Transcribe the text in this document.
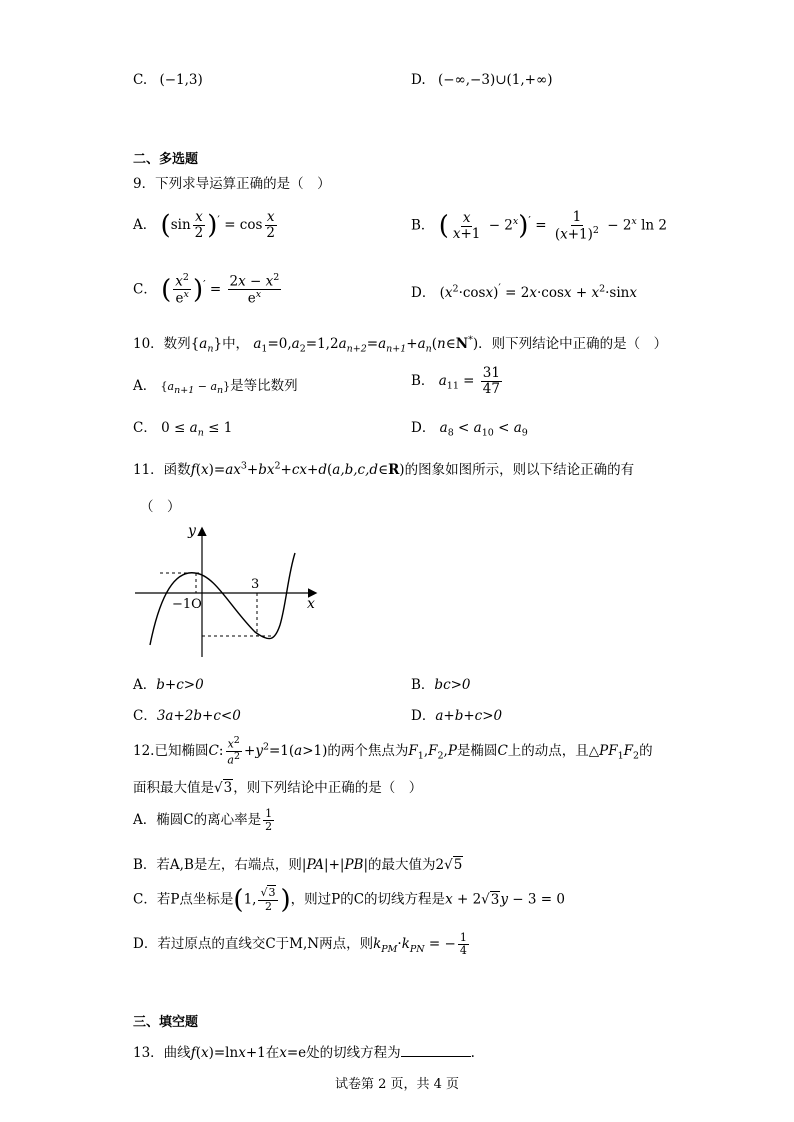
C. (−1,3)	D. (−∞,−3)∪(1,+∞)
二、多选题
9．下列求导运算正确的是（　）
A． $(\sin \frac{x}{2} )' = \cos \frac{x}{2}$	B． ( $\frac{x}{x+1} - 2^x)' = \frac{1}{(x+1)^2} - 2^x$ ln 2
C． ( $\frac{x^2}{e^x} )' = \frac{2x - x^2}{e^x}$	D． $(x^2\cdot\cos x)' = 2x\cdot\cos x + x^2\cdot\sin x$
10．数列$\{a_n\}$中， $a_1=0,a_2=1,2a_{n+2}=a_{n+1}+a_n(n\in N^*)$．则下列结论中正确的是（　）
A． $\{a_{n+1} - a_n\}$是等比数列	B． $a_{11} = \frac{31}{47}$
C． $0 \le a_n \le 1$	D． $a_8 < a_{10} < a_9$
11．函数$f(x)=ax^3+bx^2+cx+d(a,b,c,d\in R)$的图象如图所示，则以下结论正确的有
（　）
y
x
−1O
3
A．b+c>0	B．bc>0
C．3a+2b+c<0	D．a+b+c>0
12.已知椭圆C: $\frac{x^2}{a^2} +y^2=1(a>1)$的两个焦点为$F_1,F_2,P$是椭圆C上的动点，且$\triangle PF_1F_2$的
面积最大值是√3，则下列结论中正确的是（　）
A．椭圆C的离心率是 $\frac{1}{2}$
B．若A,B是左，右端点，则|PA|+|PB|的最大值为2√5
C．若P点坐标是(1, $\frac{√3}{2}$ )，则过P的C的切线方程是x + 2√3y − 3 = 0
D．若过原点的直线交C于M,N两点，则$k_{PM}\cdot k_{PN}$ = − $\frac{1}{4}$
三、填空题
13．曲线f(x)=lnx+1在x=e处的切线方程为	.
试卷第 2 页，共 4 页
